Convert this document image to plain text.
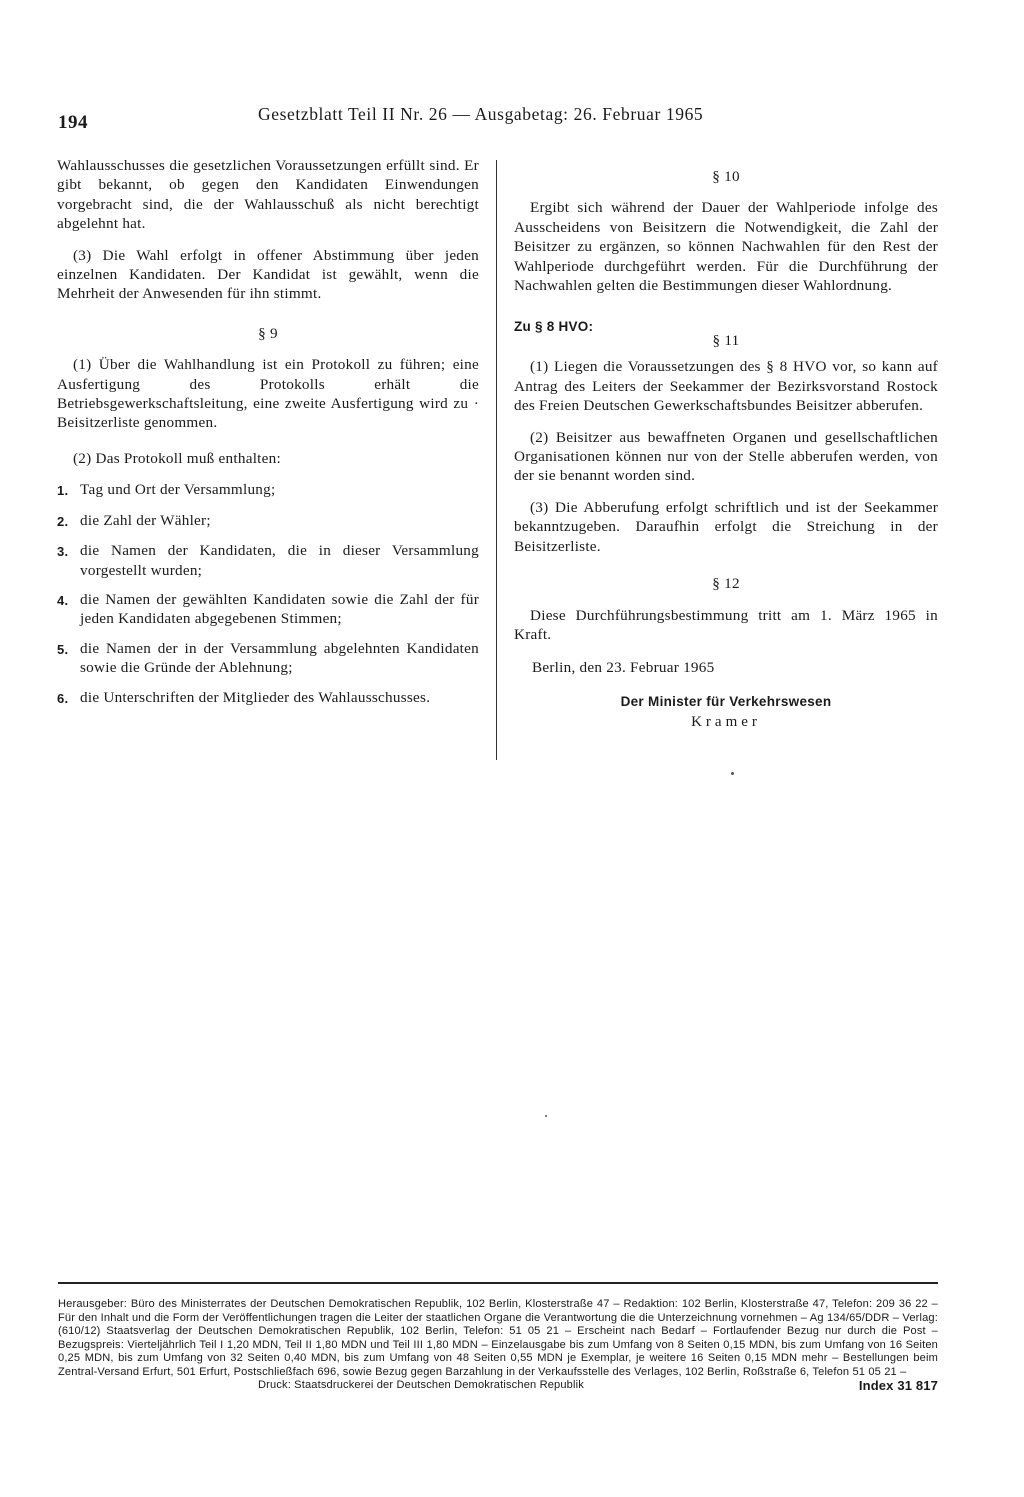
194	Gesetzblatt Teil II Nr. 26 — Ausgabetag: 26. Februar 1965

Wahlausschusses die gesetzlichen Voraussetzungen erfüllt sind. Er gibt bekannt, ob gegen den Kandidaten Einwendungen vorgebracht sind, die der Wahlausschuß als nicht berechtigt abgelehnt hat.

(3) Die Wahl erfolgt in offener Abstimmung über jeden einzelnen Kandidaten. Der Kandidat ist gewählt, wenn die Mehrheit der Anwesenden für ihn stimmt.

§ 9

(1) Über die Wahlhandlung ist ein Protokoll zu führen; eine Ausfertigung des Protokolls erhält die Betriebsgewerkschaftsleitung, eine zweite Ausfertigung wird zu · Beisitzerliste genommen.

(2) Das Protokoll muß enthalten:

1. Tag und Ort der Versammlung;
2. die Zahl der Wähler;
3. die Namen der Kandidaten, die in dieser Versammlung vorgestellt wurden;
4. die Namen der gewählten Kandidaten sowie die Zahl der für jeden Kandidaten abgegebenen Stimmen;
5. die Namen der in der Versammlung abgelehnten Kandidaten sowie die Gründe der Ablehnung;
6. die Unterschriften der Mitglieder des Wahlausschusses.
§ 10

Ergibt sich während der Dauer der Wahlperiode infolge des Ausscheidens von Beisitzern die Notwendigkeit, die Zahl der Beisitzer zu ergänzen, so können Nachwahlen für den Rest der Wahlperiode durchgeführt werden. Für die Durchführung der Nachwahlen gelten die Bestimmungen dieser Wahlordnung.

Zu § 8 HVO:
§ 11

(1) Liegen die Voraussetzungen des § 8 HVO vor, so kann auf Antrag des Leiters der Seekammer der Bezirksvorstand Rostock des Freien Deutschen Gewerkschaftsbundes Beisitzer abberufen.

(2) Beisitzer aus bewaffneten Organen und gesellschaftlichen Organisationen können nur von der Stelle abberufen werden, von der sie benannt worden sind.

(3) Die Abberufung erfolgt schriftlich und ist der Seekammer bekanntzugeben. Daraufhin erfolgt die Streichung in der Beisitzerliste.

§ 12

Diese Durchführungsbestimmung tritt am 1. März 1965 in Kraft.

Berlin, den 23. Februar 1965
Der Minister für Verkehrswesen
Kramer
Herausgeber: Büro des Ministerrates der Deutschen Demokratischen Republik, 102 Berlin, Klosterstraße 47 – Redaktion: 102 Berlin, Klosterstraße 47, Telefon: 209 36 22 – Für den Inhalt und die Form der Veröffentlichungen tragen die Leiter der staatlichen Organe die Verantwortung die die Unterzeichnung vornehmen – Ag 134/65/DDR – Verlag: (610/12) Staatsverlag der Deutschen Demokratischen Republik, 102 Berlin, Telefon: 51 05 21 – Erscheint nach Bedarf – Fortlaufender Bezug nur durch die Post – Bezugspreis: Vierteljährlich Teil I 1,20 MDN, Teil II 1,80 MDN und Teil III 1,80 MDN – Einzelausgabe bis zum Umfang von 8 Seiten 0,15 MDN, bis zum Umfang von 16 Seiten 0,25 MDN, bis zum Umfang von 32 Seiten 0,40 MDN, bis zum Umfang von 48 Seiten 0,55 MDN je Exemplar, je weitere 16 Seiten 0,15 MDN mehr – Bestellungen beim Zentral-Versand Erfurt, 501 Erfurt, Postschließfach 696, sowie Bezug gegen Barzahlung in der Verkaufsstelle des Verlages, 102 Berlin, Roßstraße 6, Telefon 51 05 21 –
Druck: Staatsdruckerei der Deutschen Demokratischen Republik	Index 31 817
